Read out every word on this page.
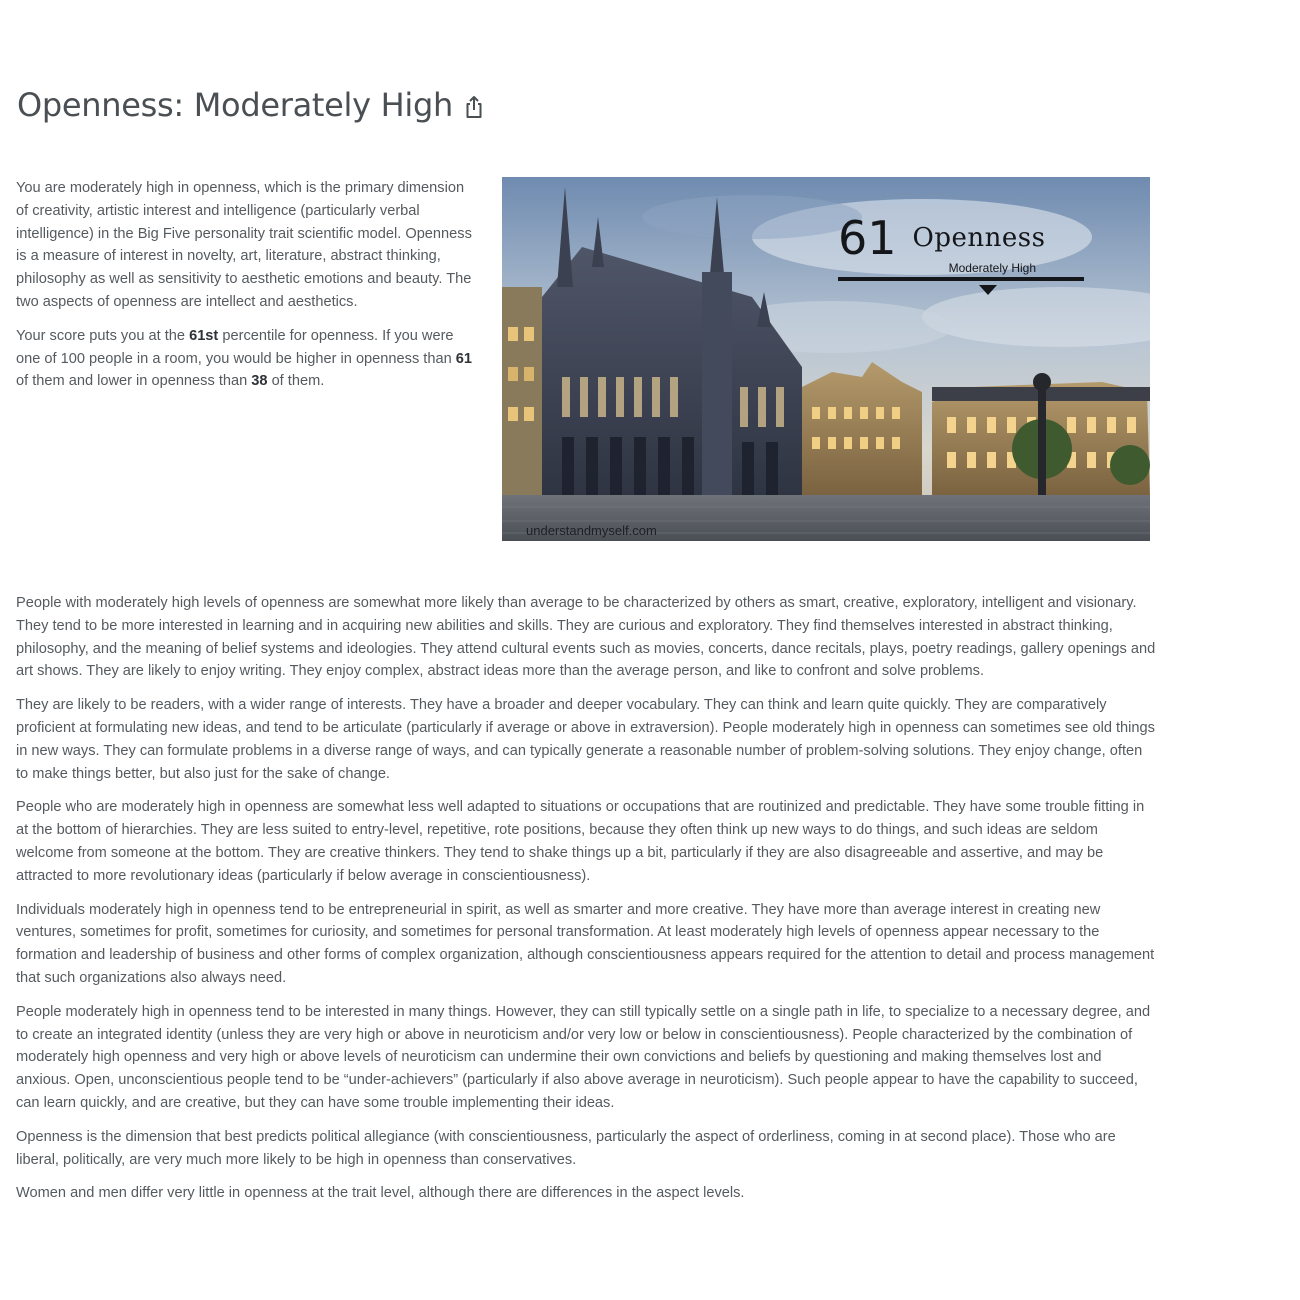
Openness: Moderately High

You are moderately high in openness, which is the primary dimension of creativity, artistic interest and intelligence (particularly verbal intelligence) in the Big Five personality trait scientific model. Openness is a measure of interest in novelty, art, literature, abstract thinking, philosophy as well as sensitivity to aesthetic emotions and beauty. The two aspects of openness are intellect and aesthetics.

Your score puts you at the 61st percentile for openness. If you were one of 100 people in a room, you would be higher in openness than 61 of them and lower in openness than 38 of them.

61 Openness
Moderately High
understandmyself.com

People with moderately high levels of openness are somewhat more likely than average to be characterized by others as smart, creative, exploratory, intelligent and visionary. They tend to be more interested in learning and in acquiring new abilities and skills. They are curious and exploratory. They find themselves interested in abstract thinking, philosophy, and the meaning of belief systems and ideologies. They attend cultural events such as movies, concerts, dance recitals, plays, poetry readings, gallery openings and art shows. They are likely to enjoy writing. They enjoy complex, abstract ideas more than the average person, and like to confront and solve problems.

They are likely to be readers, with a wider range of interests. They have a broader and deeper vocabulary. They can think and learn quite quickly. They are comparatively proficient at formulating new ideas, and tend to be articulate (particularly if average or above in extraversion). People moderately high in openness can sometimes see old things in new ways. They can formulate problems in a diverse range of ways, and can typically generate a reasonable number of problem-solving solutions. They enjoy change, often to make things better, but also just for the sake of change.

People who are moderately high in openness are somewhat less well adapted to situations or occupations that are routinized and predictable. They have some trouble fitting in at the bottom of hierarchies. They are less suited to entry-level, repetitive, rote positions, because they often think up new ways to do things, and such ideas are seldom welcome from someone at the bottom. They are creative thinkers. They tend to shake things up a bit, particularly if they are also disagreeable and assertive, and may be attracted to more revolutionary ideas (particularly if below average in conscientiousness).

Individuals moderately high in openness tend to be entrepreneurial in spirit, as well as smarter and more creative. They have more than average interest in creating new ventures, sometimes for profit, sometimes for curiosity, and sometimes for personal transformation. At least moderately high levels of openness appear necessary to the formation and leadership of business and other forms of complex organization, although conscientiousness appears required for the attention to detail and process management that such organizations also always need.

People moderately high in openness tend to be interested in many things. However, they can still typically settle on a single path in life, to specialize to a necessary degree, and to create an integrated identity (unless they are very high or above in neuroticism and/or very low or below in conscientiousness). People characterized by the combination of moderately high openness and very high or above levels of neuroticism can undermine their own convictions and beliefs by questioning and making themselves lost and anxious. Open, unconscientious people tend to be “under-achievers” (particularly if also above average in neuroticism). Such people appear to have the capability to succeed, can learn quickly, and are creative, but they can have some trouble implementing their ideas.

Openness is the dimension that best predicts political allegiance (with conscientiousness, particularly the aspect of orderliness, coming in at second place). Those who are liberal, politically, are very much more likely to be high in openness than conservatives.

Women and men differ very little in openness at the trait level, although there are differences in the aspect levels.
